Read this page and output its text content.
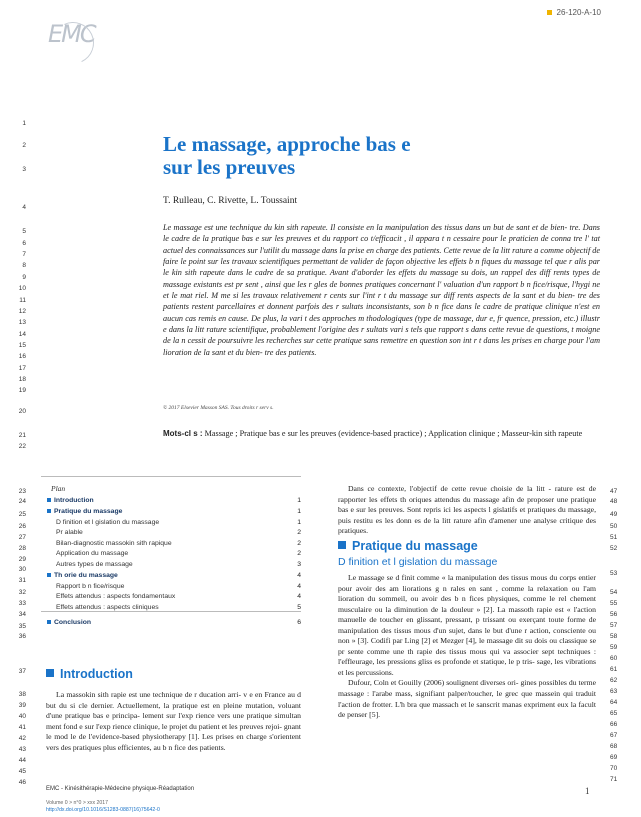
EMC
26-120-A-10
1
2
3
4
5
6
7
8
9
10
11
12
13
14
15
16
17
18
19
20
21
22
23
24
25
26
27
28
29
30
31
32
33
34
35
36
37
38
39
40
41
42
43
44
45
46
47
48
49
50
51
52
53
54
55
56
57
58
59
60
61
62
63
64
65
66
67
68
69
70
71
Le massage, approche bas e
sur les preuves
T. Rulleau, C. Rivette, L. Toussaint
Le massage est une technique du kin sith rapeute. Il consiste en la manipulation des tissus dans un but de sant et de bien- tre. Dans le cadre de la pratique bas e sur les preuves et du rapport co t/efficacit , il appara t n cessaire pour le praticien de conna tre l' tat actuel des connaissances sur l'utilit du massage dans la prise en charge des patients. Cette revue de la litt rature a comme objectif de faire le point sur les travaux scientifiques permettant de valider de façon objective les effets b n fiques du massage tel que r alis par le kin sith rapeute dans le cadre de sa pratique. Avant d'aborder les effets du massage su dois, un rappel des diff rents types de massage existants est pr sent , ainsi que les r gles de bonnes pratiques concernant l' valuation d'un rapport b n fice/risque, l'hygi ne et le mat riel. M me si les travaux relativement r cents sur l'int r t du massage sur diff rents aspects de la sant et du bien- tre des patients restent parcellaires et donnent parfois des r sultats inconsistants, son b n fice dans le cadre de pratique clinique n'est en aucun cas remis en cause. De plus, la vari t des approches m thodologiques (type de massage, dur e, fr quence, pression, etc.) illustr e dans la litt rature scientifique, probablement l'origine des r sultats vari s tels que rapport s dans cette revue de questions, t moigne de la n cessit de poursuivre les recherches sur cette pratique sans remettre en question son int r t dans les prises en charge pour l'am lioration de la sant et du bien- tre des patients.
© 2017 Elsevier Masson SAS. Tous droits r serv s.
Mots-cl s : Massage ; Pratique bas e sur les preuves (evidence-based practice) ; Application clinique ; Masseur-kin sith rapeute
Plan
Introduction	1
Pratique du massage	1
D finition et l gislation du massage	1
Pr alable	2
Bilan-diagnostic massokin sith rapique	2
Application du massage	2
Autres types de massage	3
Th orie du massage	4
Rapport b n fice/risque	4
Effets attendus : aspects fondamentaux	4
Effets attendus : aspects cliniques	5
Conclusion	6
Introduction

La massokin sith rapie est une technique de r ducation arri- v e en France au d but du si cle dernier. Actuellement, la pratique est en pleine mutation, voluant d'une pratique bas e principa- lement sur l'exp rience vers une pratique simultan ment fond e sur l'exp rience clinique, le projet du patient et les preuves rejoi- gnant le mod le de l'evidence-based physiotherapy [1]. Les prises en charge s'orientent vers des pratiques plus efficientes, au b n fice des patients.

Dans ce contexte, l'objectif de cette revue choisie de la litt - rature est de rapporter les effets th oriques attendus du massage afin de proposer une pratique bas e sur les preuves. Sont repris ici les aspects l gislatifs et pratiques du massage, puis restitu es les donn es de la litt rature afin d'amener une analyse critique des pratiques.

Pratique du massage
D finition et l gislation du massage

Le massage se d finit comme « la manipulation des tissus mous du corps entier pour avoir des am liorations g n rales en sant , comme la relaxation ou l'am lioration du sommeil, ou avoir des b n fices physiques, comme le rel chement musculaire ou la diminution de la douleur » [2]. La massoth rapie est « l'action manuelle de toucher en glissant, pressant, p trissant ou exerçant toute forme de manipulation des tissus mous d'un sujet, dans le but d'une r action, consciente ou non » [3]. Codifi par Ling [2] et Mezger [4], le massage dit su dois ou classique se pr sente comme une th rapie des tissus mous qui va associer sept techniques : l'effleurage, les pressions gliss es profonde et statique, le p tris- sage, les vibrations et les percussions.

Dufour, Coln et Gouilly (2006) soulignent diverses ori- gines possibles du terme massage : l'arabe mass, signifiant palper/toucher, le grec que massein qui traduit l'action de frotter. L'h bra que massach et le sanscrit manas expriment eux la facult de penser [5].

EMC - Kinésithérapie-Médecine physique-Réadaptation
Volume 0 > n°0 > xxx 2017
http://dx.doi.org/10.1016/S1283-0887(16)75642-0
1
